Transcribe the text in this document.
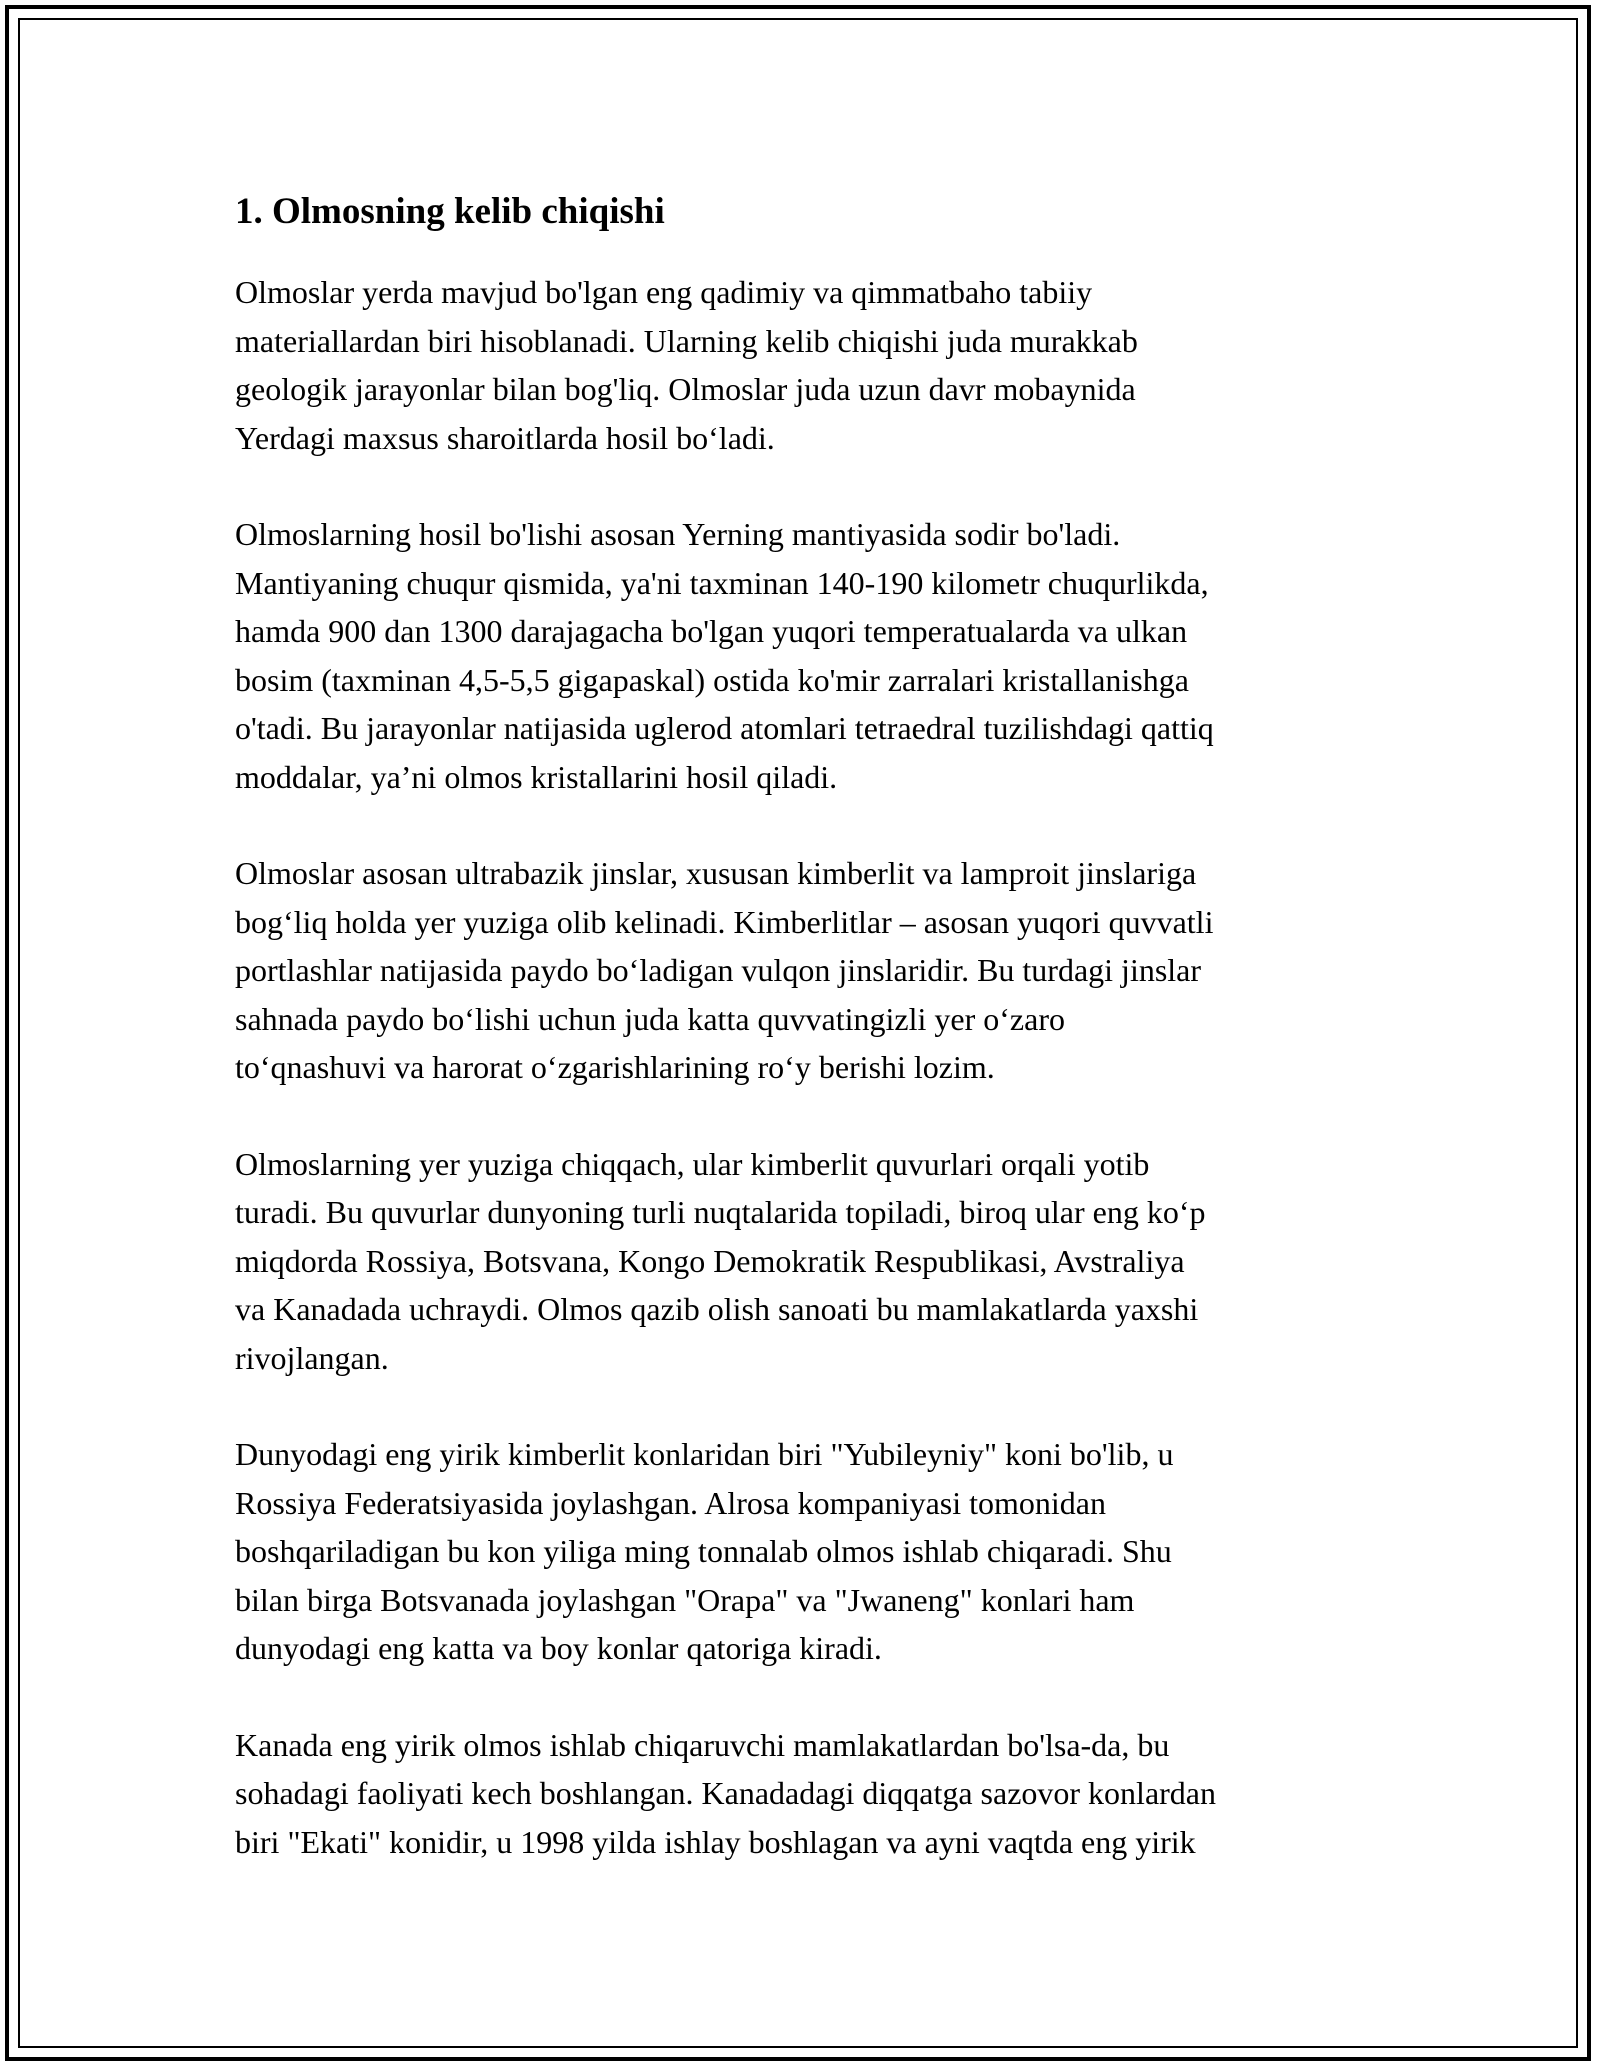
1. Olmosning kelib chiqishi

Olmoslar yerda mavjud bo'lgan eng qadimiy va qimmatbaho tabiiy
materiallardan biri hisoblanadi. Ularning kelib chiqishi juda murakkab
geologik jarayonlar bilan bog'liq. Olmoslar juda uzun davr mobaynida
Yerdagi maxsus sharoitlarda hosil bo‘ladi.

Olmoslarning hosil bo'lishi asosan Yerning mantiyasida sodir bo'ladi.
Mantiyaning chuqur qismida, ya'ni taxminan 140-190 kilometr chuqurlikda,
hamda 900 dan 1300 darajagacha bo'lgan yuqori temperatualarda va ulkan
bosim (taxminan 4,5-5,5 gigapaskal) ostida ko'mir zarralari kristallanishga
o'tadi. Bu jarayonlar natijasida uglerod atomlari tetraedral tuzilishdagi qattiq
moddalar, ya’ni olmos kristallarini hosil qiladi.

Olmoslar asosan ultrabazik jinslar, xususan kimberlit va lamproit jinslariga
bog‘liq holda yer yuziga olib kelinadi. Kimberlitlar – asosan yuqori quvvatli
portlashlar natijasida paydo bo‘ladigan vulqon jinslaridir. Bu turdagi jinslar
sahnada paydo bo‘lishi uchun juda katta quvvatingizli yer o‘zaro
to‘qnashuvi va harorat o‘zgarishlarining ro‘y berishi lozim.

Olmoslarning yer yuziga chiqqach, ular kimberlit quvurlari orqali yotib
turadi. Bu quvurlar dunyoning turli nuqtalarida topiladi, biroq ular eng ko‘p
miqdorda Rossiya, Botsvana, Kongo Demokratik Respublikasi, Avstraliya
va Kanadada uchraydi. Olmos qazib olish sanoati bu mamlakatlarda yaxshi
rivojlangan.

Dunyodagi eng yirik kimberlit konlaridan biri "Yubileyniy" koni bo'lib, u
Rossiya Federatsiyasida joylashgan. Alrosa kompaniyasi tomonidan
boshqariladigan bu kon yiliga ming tonnalab olmos ishlab chiqaradi. Shu
bilan birga Botsvanada joylashgan "Orapa" va "Jwaneng" konlari ham
dunyodagi eng katta va boy konlar qatoriga kiradi.

Kanada eng yirik olmos ishlab chiqaruvchi mamlakatlardan bo'lsa-da, bu
sohadagi faoliyati kech boshlangan. Kanadadagi diqqatga sazovor konlardan
biri "Ekati" konidir, u 1998 yilda ishlay boshlagan va ayni vaqtda eng yirik
